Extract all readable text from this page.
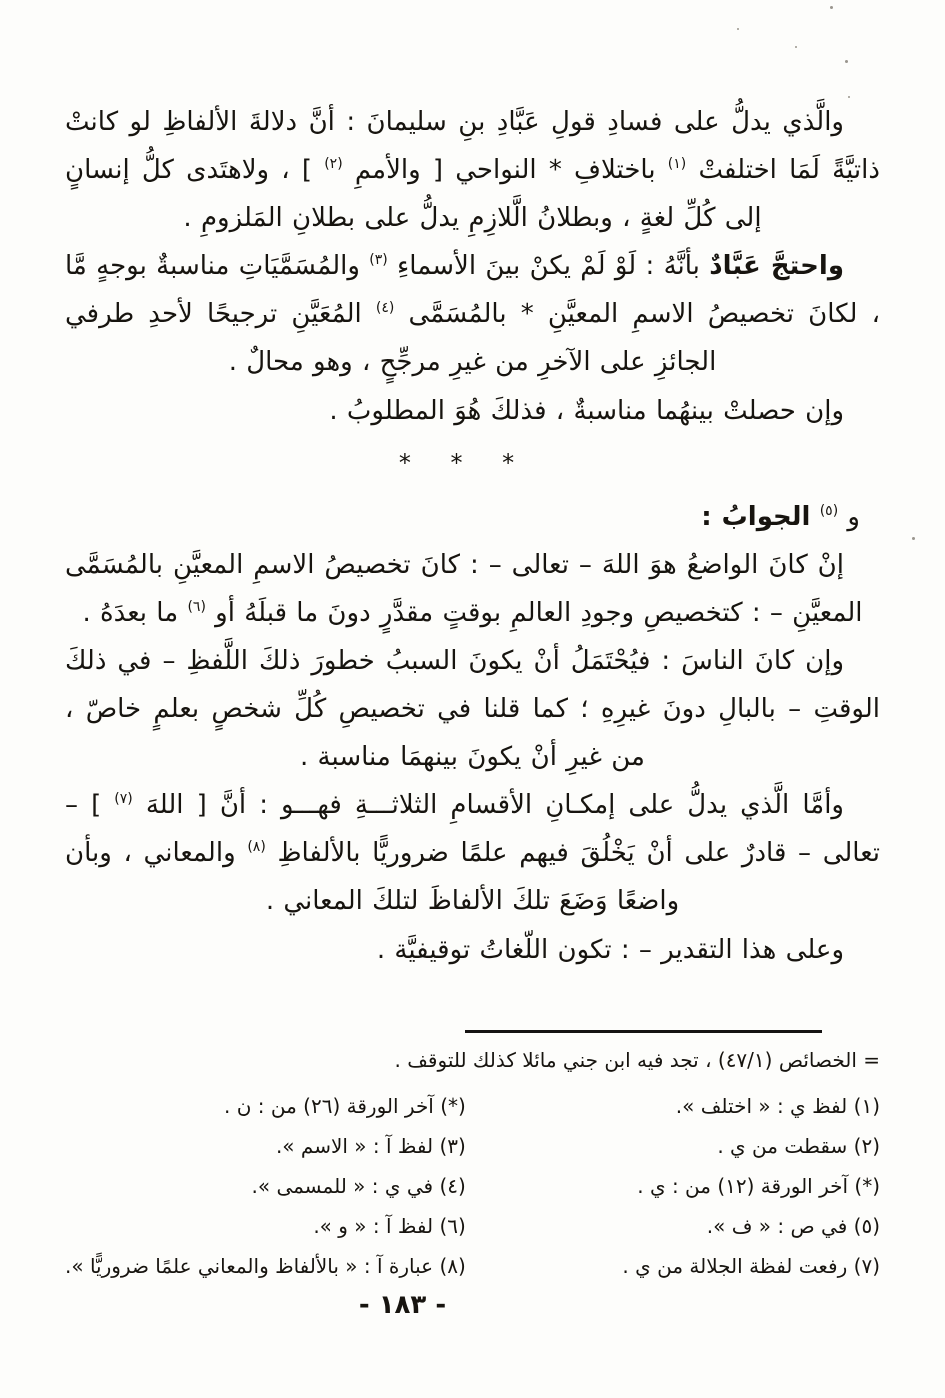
والَّذي يدلُّ على فسادِ قولِ عَبَّادِ بنِ سليمانَ : أنَّ دلالةَ الألفاظِ لو كانتْ ذاتيَّةً لَمَا اختلفتْ $^{(١)}$ باختلافِ * النواحي [ والأممِ $^{(٢)}$ ] ، ولاهتَدى كلُّ إنسانٍ إلى كُلِّ لغةٍ ، وبطلانُ الَّلازِمِ يدلُّ على بطلانِ المَلزومِ .

واحتجَّ عَبَّادٌ بأنَّهُ : لَوْ لَمْ يكنْ بينَ الأسماءِ $^{(٣)}$ والمُسَمَّيَاتِ مناسبةٌ بوجهٍ مَّا ، لكانَ تخصيصُ الاسمِ المعيَّنِ * بالمُسَمَّى $^{(٤)}$ المُعَيَّنِ ترجيحًا لأحدِ طرفي الجائزِ على الآخرِ من غيرِ مرجِّحٍ ، وهو محالٌ .

وإن حصلتْ بينهُما مناسبةٌ ، فذلكَ هُوَ المطلوبُ .

* * *

و $^{(٥)}$ الجوابُ :

إنْ كانَ الواضعُ هوَ اللهَ – تعالى – : كانَ تخصيصُ الاسمِ المعيَّنِ بالمُسَمَّى المعيَّنِ – : كتخصيصِ وجودِ العالمِ بوقتٍ مقدَّرٍ دونَ ما قبلَهُ أو $^{(٦)}$ ما بعدَهُ .

وإن كانَ الناسَ : فيُحْتَمَلُ أنْ يكونَ السببُ خطورَ ذلكَ اللَّفظِ – في ذلكَ الوقتِ – بالبالِ دونَ غيرِهِ ؛ كما قلنا في تخصيصِ كُلِّ شخصٍ بعلمٍ خاصّ ، من غيرِ أنْ يكونَ بينهمَا مناسبة .

وأمَّا الَّذي يدلُّ على إمكـانِ الأقسامِ الثلاثـــةِ فهـــو : أنَّ [ اللهَ $^{(٧)}$ ] – تعالى – قادرٌ على أنْ يَخْلُقَ فيهم علمًا ضروريًّا بالألفاظِ $^{(٨)}$ والمعاني ، وبأن واضعًا وَضَعَ تلكَ الألفاظَ لتلكَ المعاني .

وعلى هذا التقدير – : تكون اللّغاتُ توقيفيَّة .

= الخصائص (٤٧/١) ، تجد فيه ابن جني مائلا كذلك للتوقف .

(١) لفظ ي : « اختلف ».
(*) آخر الورقة (٢٦) من : ن .
(٢) سقطت من ي .
(٣) لفظ آ : « الاسم ».
(*) آخر الورقة (١٢) من : ي .
(٤) في ي : « للمسمى ».
(٥) في ص : « ف ».
(٦) لفظ آ : « و ».
(٧) رفعت لفظة الجلالة من ي .
(٨) عبارة آ : « بالألفاظ والمعاني علمًا ضروريًّا ».
- ١٨٣ -
